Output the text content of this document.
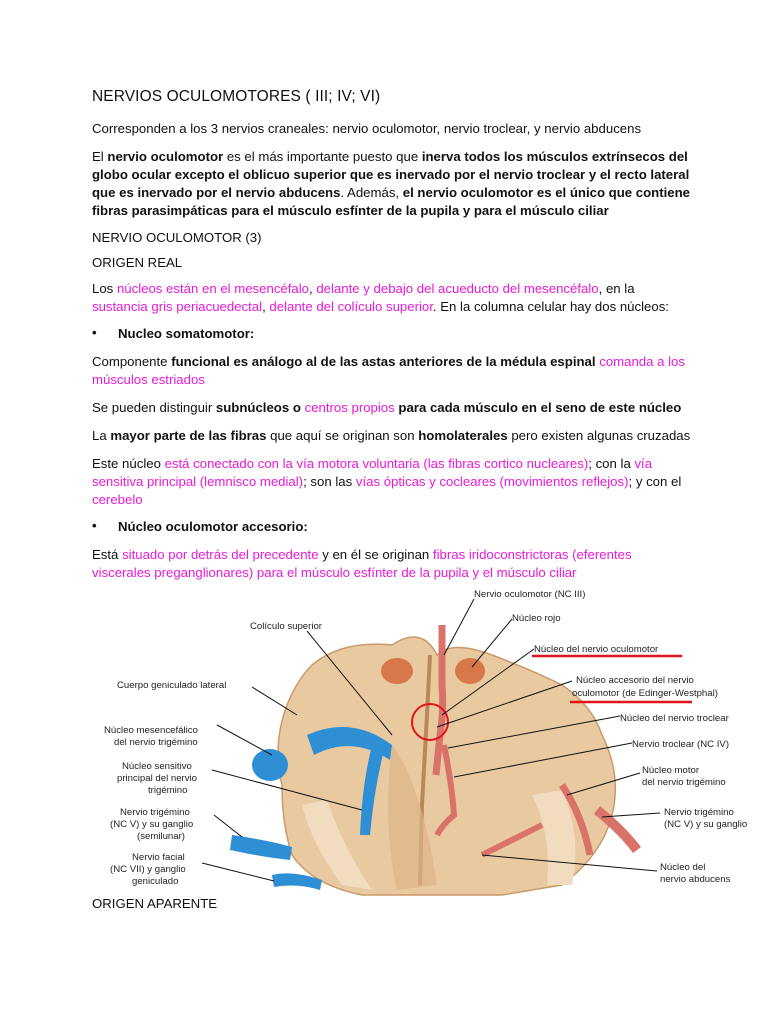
NERVIOS OCULOMOTORES ( III; IV; VI)
Corresponden a los 3 nervios craneales: nervio oculomotor, nervio troclear, y nervio abducens
El nervio oculomotor es el más importante puesto que inerva todos los músculos extrínsecos del globo ocular excepto el oblicuo superior que es inervado por el nervio troclear y el recto lateral que es inervado por el nervio abducens. Además, el nervio oculomotor es el único que contiene fibras parasimpáticas para el músculo esfínter de la pupila y para el músculo ciliar
NERVIO OCULOMOTOR (3)
ORIGEN REAL
Los núcleos están en el mesencéfalo, delante y debajo del acueducto del mesencéfalo, en la sustancia gris periacuedectal, delante del colículo superior. En la columna celular hay dos núcleos:
• Nucleo somatomotor:
Componente funcional es análogo al de las astas anteriores de la médula espinal comanda a los músculos estriados
Se pueden distinguir subnúcleos o centros propios para cada músculo en el seno de este núcleo
La mayor parte de las fibras que aquí se originan son homolaterales pero existen algunas cruzadas
Este núcleo está conectado con la vía motora voluntaria (las fibras cortico nucleares); con la vía sensitiva principal (lemnisco medial); son las vías ópticas y cocleares (movimientos reflejos); y con el cerebelo
• Núcleo oculomotor accesorio:
Está situado por detrás del precedente y en él se originan fibras iridoconstrictoras (eferentes viscerales preganglionares) para el músculo esfínter de la pupila y el músculo ciliar
Colículo superior
Cuerpo geniculado lateral
Núcleo mesencefálico
del nervio trigémino
Núcleo sensitivo
principal del nervio
trigémino
Nervio trigémino
(NC V) y su ganglio
(semilunar)
Nervio facial
(NC VII) y ganglio
geniculado
Nervio oculomotor (NC III)
Núcleo rojo
Núcleo del nervio oculomotor
Núcleo accesorio del nervio
oculomotor (de Edinger-Westphal)
Núcleo del nervio troclear
Nervio troclear (NC IV)
Núcleo motor
del nervio trigémino
Nervio trigémino
(NC V) y su ganglio
Núcleo del
nervio abducens
ORIGEN APARENTE
